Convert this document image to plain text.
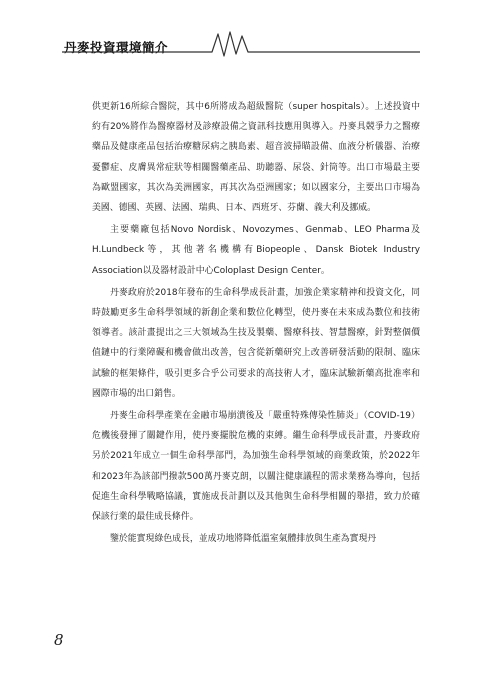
丹麥投資環境簡介

供更新16所綜合醫院，其中6所將成為超級醫院（super hospitals）。上述投資中約有20%將作為醫療器材及診療設備之資訊科技應用與導入。丹麥具競爭力之醫療藥品及健康產品包括治療糖尿病之胰島素、超音波掃瞄設備、血液分析儀器、治療憂鬱症、皮膚異常症狀等相關醫藥產品、助聽器、尿袋、針筒等。出口市場最主要為歐盟國家，其次為美洲國家，再其次為亞洲國家；如以國家分，主要出口市場為美國、德國、英國、法國、瑞典、日本、西班牙、芬蘭、義大利及挪威。

主要藥廠包括Novo Nordisk、Novozymes、Genmab、LEO Pharma及H.Lundbeck等，其他著名機構有Biopeople、Dansk Biotek Industry Association以及器材設計中心Coloplast Design Center。

丹麥政府於2018年發布的生命科學成長計畫，加強企業家精神和投資文化，同時鼓勵更多生命科學領域的新創企業和數位化轉型，使丹麥在未來成為數位和技術領導者。該計畫提出之三大領域為生技及製藥、醫療科技、智慧醫療，針對整個價值鏈中的行業障礙和機會做出改善，包含從新藥研究上改善研發活動的限制、臨床試驗的框架條件，吸引更多合乎公司要求的高技術人才，臨床試驗新藥高批准率和國際市場的出口銷售。

丹麥生命科學產業在金融市場崩潰後及「嚴重特殊傳染性肺炎」（COVID-19）危機後發揮了關鍵作用，使丹麥擺脫危機的束縛。繼生命科學成長計畫，丹麥政府另於2021年成立一個生命科學部門，為加強生命科學領域的商業政策，於2022年和2023年為該部門撥款500萬丹麥克朗，以關注健康議程的需求業務為導向，包括促進生命科學戰略協議，實施成長計劃以及其他與生命科學相關的舉措，致力於確保該行業的最佳成長條件。

鑒於能實現綠色成長，並成功地將降低溫室氣體排放與生產為實現丹

8
